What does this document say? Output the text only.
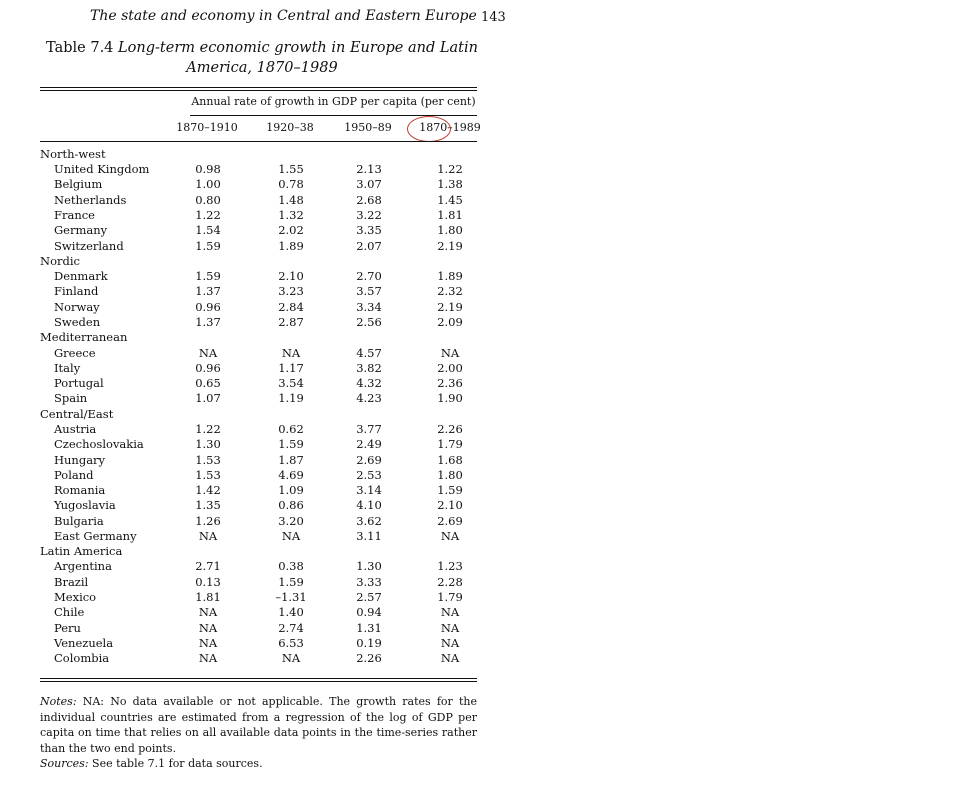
The state and economy in Central and Eastern Europe 143
Table 7.4 Long-term economic growth in Europe and Latin America, 1870–1989
Annual rate of growth in GDP per capita (per cent)
1870–1910	1920–38	1950–89	1870–1989
North-west
United Kingdom	0.98	1.55	2.13	1.22
Belgium	1.00	0.78	3.07	1.38
Netherlands	0.80	1.48	2.68	1.45
France	1.22	1.32	3.22	1.81
Germany	1.54	2.02	3.35	1.80
Switzerland	1.59	1.89	2.07	2.19
Nordic
Denmark	1.59	2.10	2.70	1.89
Finland	1.37	3.23	3.57	2.32
Norway	0.96	2.84	3.34	2.19
Sweden	1.37	2.87	2.56	2.09
Mediterranean
Greece	NA	NA	4.57	NA
Italy	0.96	1.17	3.82	2.00
Portugal	0.65	3.54	4.32	2.36
Spain	1.07	1.19	4.23	1.90
Central/East
Austria	1.22	0.62	3.77	2.26
Czechoslovakia	1.30	1.59	2.49	1.79
Hungary	1.53	1.87	2.69	1.68
Poland	1.53	4.69	2.53	1.80
Romania	1.42	1.09	3.14	1.59
Yugoslavia	1.35	0.86	4.10	2.10
Bulgaria	1.26	3.20	3.62	2.69
East Germany	NA	NA	3.11	NA
Latin America
Argentina	2.71	0.38	1.30	1.23
Brazil	0.13	1.59	3.33	2.28
Mexico	1.81	–1.31	2.57	1.79
Chile	NA	1.40	0.94	NA
Peru	NA	2.74	1.31	NA
Venezuela	NA	6.53	0.19	NA
Colombia	NA	NA	2.26	NA
Notes: NA: No data available or not applicable. The growth rates for the individual countries are estimated from a regression of the log of GDP per capita on time that relies on all available data points in the time-series rather than the two end points.
Sources: See table 7.1 for data sources.
